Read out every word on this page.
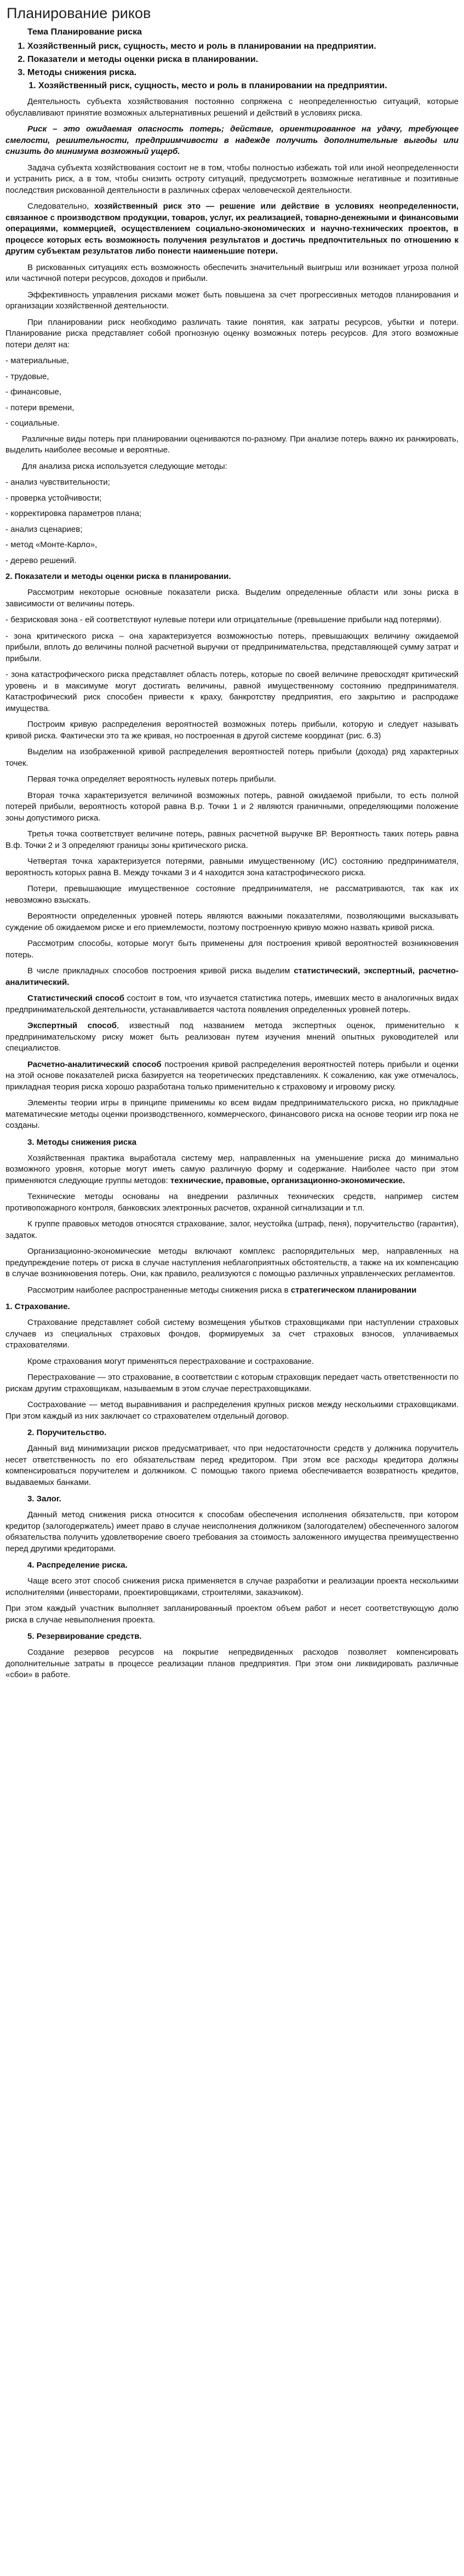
Планирование риков
Тема Планирование риска
1. Хозяйственный риск, сущность, место и роль в планировании на предприятии.
2. Показатели и методы оценки риска в планировании.
3. Методы снижения риска.
1. Хозяйственный риск, сущность, место и роль в планировании на предприятии.

Деятельность субъекта хозяйствования постоянно сопряжена с неопределенностью ситуаций, которые обуславливают принятие возможных альтернативных решений и действий в условиях риска.

Риск – это ожидаемая опасность потерь; действие, ориентированное на удачу, требующее смелости, решительности, предприимчивости в надежде получить дополнительные выгоды или снизить до минимума возможный ущерб.

Задача субъекта хозяйствования состоит не в том, чтобы полностью избежать той или иной неопределенности и устранить риск, а в том, чтобы снизить остроту ситуаций, предусмотреть возможные негативные и позитивные последствия рискованной деятельности в различных сферах человеческой деятельности.

Следовательно, хозяйственный риск это — решение или действие в условиях неопределенности, связанное с производством продукции, товаров, услуг, их реализацией, товарно-денежными и финансовыми операциями, коммерцией, осуществлением социально-экономических и научно-технических проектов, в процессе которых есть возможность получения результатов и достичь предпочтительных по отношению к другим субъектам результатов либо понести наименьшие потери.

В рискованных ситуациях есть возможность обеспечить значительный выигрыш или возникает угроза полной или частичной потери ресурсов, доходов и прибыли.

Эффективность управления рисками может быть повышена за счет прогрессивных методов планирования и организации хозяйственной деятельности.

При планировании риск необходимо различать такие понятия, как затраты ресурсов, убытки и потери. Планирование риска представляет собой прогнозную оценку возможных потерь ресурсов. Для этого возможные потери делят на:

- материальные,
- трудовые,
- финансовые,
- потери времени,
- социальные.

Различные виды потерь при планировании оцениваются по-разному. При анализе потерь важно их ранжировать, выделить наиболее весомые и вероятные.

Для анализа риска используется следующие методы:

- анализ чувствительности;
- проверка устойчивости;
- корректировка параметров плана;
- анализ сценариев;
- метод «Монте-Карло»,
- дерево решений.
2. Показатели и методы оценки риска в планировании.

Рассмотрим некоторые основные показатели риска. Выделим определенные области или зоны риска в зависимости от величины потерь.

- безрисковая зона - ей соответствуют нулевые потери или отрицательные (превышение прибыли над потерями).

- зона критического риска – она характеризуется возможностью потерь, превышающих величину ожидаемой прибыли, вплоть до величины полной расчетной выручки от предпринимательства, представляющей сумму затрат и прибыли.

- зона катастрофического риска представляет область потерь, которые по своей величине превосходят критический уровень и в максимуме могут достигать величины, равной имущественному состоянию предпринимателя. Катастрофический риск способен привести к краху, банкротству предприятия, его закрытию и распродаже имущества.

Построим кривую распределения вероятностей возможных потерь прибыли, которую и следует называть кривой риска. Фактически это та же кривая, но построенная в другой системе координат (рис. 6.3)

Выделим на изображенной кривой распределения вероятностей потерь прибыли (дохода) ряд характерных точек.

Первая точка определяет вероятность нулевых потерь прибыли.

Вторая точка характеризуется величиной возможных потерь, равной ожидаемой прибыли, то есть полной потерей прибыли, вероятность которой равна В.р. Точки 1 и 2 являются граничными, определяющими положение зоны допустимого риска.

Третья точка соответствует величине потерь, равных расчетной выручке ВР. Вероятность таких потерь равна В.ф. Точки 2 и 3 определяют границы зоны критического риска.

Четвертая точка характеризуется потерями, равными имущественному (ИС) состоянию предпринимателя, вероятность которых равна В. Между точками 3 и 4 находится зона катастрофического риска.

Потери, превышающие имущественное состояние предпринимателя, не рассматриваются, так как их невозможно взыскать.

Вероятности определенных уровней потерь являются важными показателями, позволяющими высказывать суждение об ожидаемом риске и его приемлемости, поэтому построенную кривую можно назвать кривой риска.

Рассмотрим способы, которые могут быть применены для построения кривой вероятностей возникновения потерь.

В числе прикладных способов построения кривой риска выделим статистический, экспертный, расчетно-аналитический.

Статистический способ состоит в том, что изучается статистика потерь, имевших место в аналогичных видах предпринимательской деятельности, устанавливается частота появления определенных уровней потерь.

Экспертный способ, известный под названием метода экспертных оценок, применительно к предпринимательскому риску может быть реализован путем изучения мнений опытных руководителей или специалистов.

Расчетно-аналитический способ построения кривой распределения вероятностей потерь прибыли и оценки на этой основе показателей риска базируется на теоретических представлениях. К сожалению, как уже отмечалось, прикладная теория риска хорошо разработана только применительно к страховому и игровому риску.

Элементы теории игры в принципе применимы ко всем видам предпринимательского риска, но прикладные математические методы оценки производственного, коммерческого, финансового риска на основе теории игр пока не созданы.

3. Методы снижения риска

Хозяйственная практика выработала систему мер, направленных на уменьшение риска до минимально возможного уровня, которые могут иметь самую различную форму и содержание. Наиболее часто при этом применяются следующие группы методов: технические, правовые, организационно-экономические.

Технические методы основаны на внедрении различных технических средств, например систем противопожарного контроля, банковских электронных расчетов, охранной сигнализации и т.п.

К группе правовых методов относятся страхование, залог, неустойка (штраф, пеня), поручительство (гарантия), задаток.

Организационно-экономические методы включают комплекс распорядительных мер, направленных на предупреждение потерь от риска в случае наступления неблагоприятных обстоятельств, а также на их компенсацию в случае возникновения потерь. Они, как правило, реализуются с помощью различных управленческих регламентов.

Рассмотрим наиболее распространенные методы снижения риска в стратегическом планировании

1. Страхование.

Страхование представляет собой систему возмещения убытков страховщиками при наступлении страховых случаев из специальных страховых фондов, формируемых за счет страховых взносов, уплачиваемых страхователями.

Кроме страхования могут применяться перестрахование и сострахование.

Перестрахование — это страхование, в соответствии с которым страховщик передает часть ответственности по рискам другим страховщикам, называемым в этом случае перестраховщиками.

Сострахование — метод выравнивания и распределения крупных рисков между несколькими страховщиками. При этом каждый из них заключает со страхователем отдельный договор.

2. Поручительство.

Данный вид минимизации рисков предусматривает, что при недостаточности средств у должника поручитель несет ответственность по его обязательствам перед кредитором. При этом все расходы кредитора должны компенсироваться поручителем и должником. С помощью такого приема обеспечивается возвратность кредитов, выдаваемых банками.

3. Залог.

Данный метод снижения риска относится к способам обеспечения исполнения обязательств, при котором кредитор (залогодержатель) имеет право в случае неисполнения должником (залогодателем) обеспеченного залогом обязательства получить удовлетворение своего требования за стоимость заложенного имущества преимущественно перед другими кредиторами.

4. Распределение риска.

Чаще всего этот способ снижения риска применяется в случае разработки и реализации проекта несколькими исполнителями (инвесторами, проектировщиками, строителями, заказчиком).

При этом каждый участник выполняет запланированный проектом объем работ и несет соответствующую долю риска в случае невыполнения проекта.

5. Резервирование средств.

Создание резервов ресурсов на покрытие непредвиденных расходов позволяет компенсировать дополнительные затраты в процессе реализации планов предприятия. При этом они ликвидировать различные «сбои» в работе.
